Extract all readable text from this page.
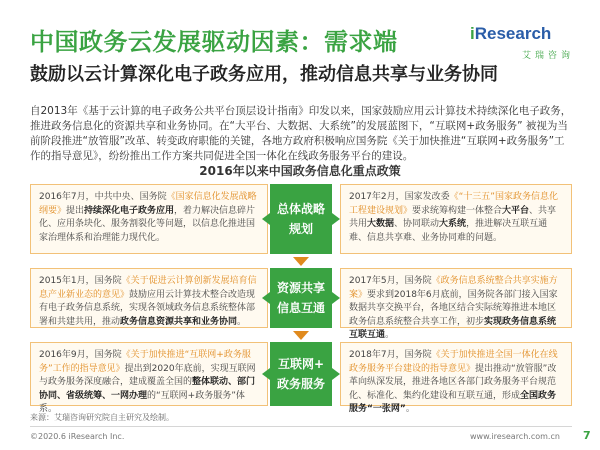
中国政务云发展驱动因素：需求端
鼓励以云计算深化电子政务应用，推动信息共享与业务协同
iResearch
艾瑞咨询
自2013年《基于云计算的电子政务公共平台顶层设计指南》印发以来，国家鼓励应用云计算技术持续深化电子政务，推进政务信息化的资源共享和业务协同。在“大平台、大数据、大系统”的发展蓝图下，“互联网+政务服务” 被视为当前阶段推进“放管服”改革、转变政府职能的关键，各地方政府积极响应国务院《关于加快推进“互联网+政务服务”工作的指导意见》，纷纷推出工作方案共同促进全国一体化在线政务服务平台的建设。
2016年以来中国政务信息化重点政策
2016年7月，中共中央、国务院《国家信息化发展战略纲要》提出持续深化电子政务应用，着力解决信息碎片化、应用条块化、服务割裂化等问题，以信息化推进国家治理体系和治理能力现代化。
总体战略
规划
2017年2月，国家发改委《“十三五”国家政务信息化工程建设规划》要求统筹构建一体整合大平台、共享共用大数据、协同联动大系统，推进解决互联互通难、信息共享难、业务协同难的问题。
2015年1月，国务院《关于促进云计算创新发展培育信息产业新业态的意见》鼓励应用云计算技术整合改造现有电子政务信息系统，实现各领域政务信息系统整体部署和共建共用，推动政务信息资源共享和业务协同。
资源共享
信息互通
2017年5月，国务院《政务信息系统整合共享实施方案》要求到2018年6月底前，国务院各部门接入国家数据共享交换平台，各地区结合实际统筹推进本地区政务信息系统整合共享工作，初步实现政务信息系统互联互通。
2016年9月，国务院《关于加快推进“互联网+政务服务”工作的指导意见》提出到2020年底前，实现互联网与政务服务深度融合，建成覆盖全国的整体联动、部门协同、省级统筹、一网办理的“互联网+政务服务”体系。
互联网+
政务服务
2018年7月，国务院《关于加快推进全国一体化在线政务服务平台建设的指导意见》提出推动“放管服”改革向纵深发展，推进各地区各部门政务服务平台规范化、标准化、集约化建设和互联互通，形成全国政务服务“一张网”。
来源：艾瑞咨询研究院自主研究及绘制。
©2020.6 iResearch Inc.	www.iresearch.com.cn 7
